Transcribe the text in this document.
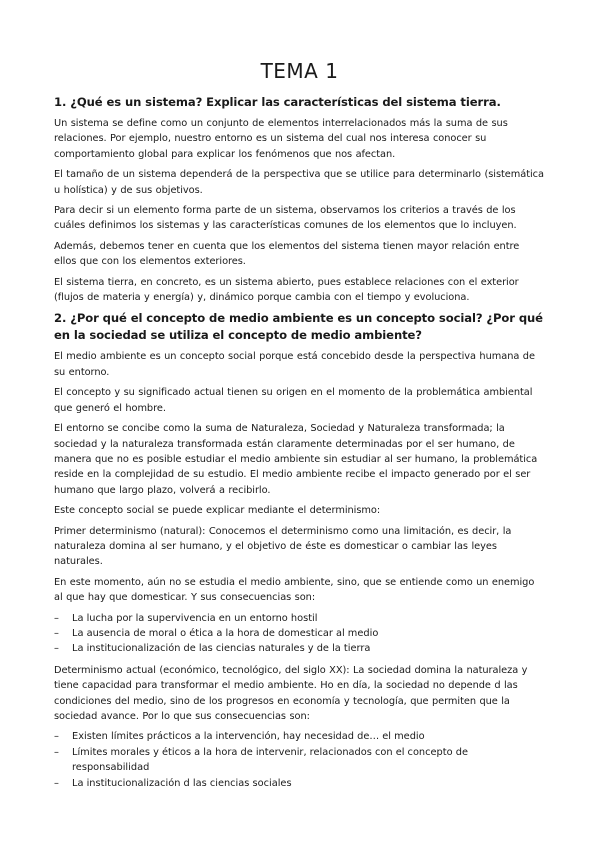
TEMA 1
1. ¿Qué es un sistema? Explicar las características del sistema tierra.

Un sistema se define como un conjunto de elementos interrelacionados más la suma de sus relaciones. Por ejemplo, nuestro entorno es un sistema del cual nos interesa conocer su comportamiento global para explicar los fenómenos que nos afectan.

El tamaño de un sistema dependerá de la perspectiva que se utilice para determinarlo (sistemática u holística) y de sus objetivos.

Para decir si un elemento forma parte de un sistema, observamos los criterios a través de los cuáles definimos los sistemas y las características comunes de los elementos que lo incluyen.

Además, debemos tener en cuenta que los elementos del sistema tienen mayor relación entre ellos que con los elementos exteriores.

El sistema tierra, en concreto, es un sistema abierto, pues establece relaciones con el exterior (flujos de materia y energía) y, dinámico porque cambia con el tiempo y evoluciona.

2. ¿Por qué el concepto de medio ambiente es un concepto social? ¿Por qué en la sociedad se utiliza el concepto de medio ambiente?

El medio ambiente es un concepto social porque está concebido desde la perspectiva humana de su entorno.

El concepto y su significado actual tienen su origen en el momento de la problemática ambiental que generó el hombre.

El entorno se concibe como la suma de Naturaleza, Sociedad y Naturaleza transformada; la sociedad y la naturaleza transformada están claramente determinadas por el ser humano, de manera que no es posible estudiar el medio ambiente sin estudiar al ser humano, la problemática reside en la complejidad de su estudio. El medio ambiente recibe el impacto generado por el ser humano que largo plazo, volverá a recibirlo.

Este concepto social se puede explicar mediante el determinismo:

Primer determinismo (natural): Conocemos el determinismo como una limitación, es decir, la naturaleza domina al ser humano, y el objetivo de éste es domesticar o cambiar las leyes naturales.

En este momento, aún no se estudia el medio ambiente, sino, que se entiende como un enemigo al que hay que domesticar. Y sus consecuencias son:

– La lucha por la supervivencia en un entorno hostil
– La ausencia de moral o ética a la hora de domesticar al medio
– La institucionalización de las ciencias naturales y de la tierra

Determinismo actual (económico, tecnológico, del siglo XX): La sociedad domina la naturaleza y tiene capacidad para transformar el medio ambiente. Ho en día, la sociedad no depende d las condiciones del medio, sino de los progresos en economía y tecnología, que permiten que la sociedad avance. Por lo que sus consecuencias son:

– Existen límites prácticos a la intervención, hay necesidad de… el medio
– Límites morales y éticos a la hora de intervenir, relacionados con el concepto de responsabilidad
– La institucionalización d las ciencias sociales
